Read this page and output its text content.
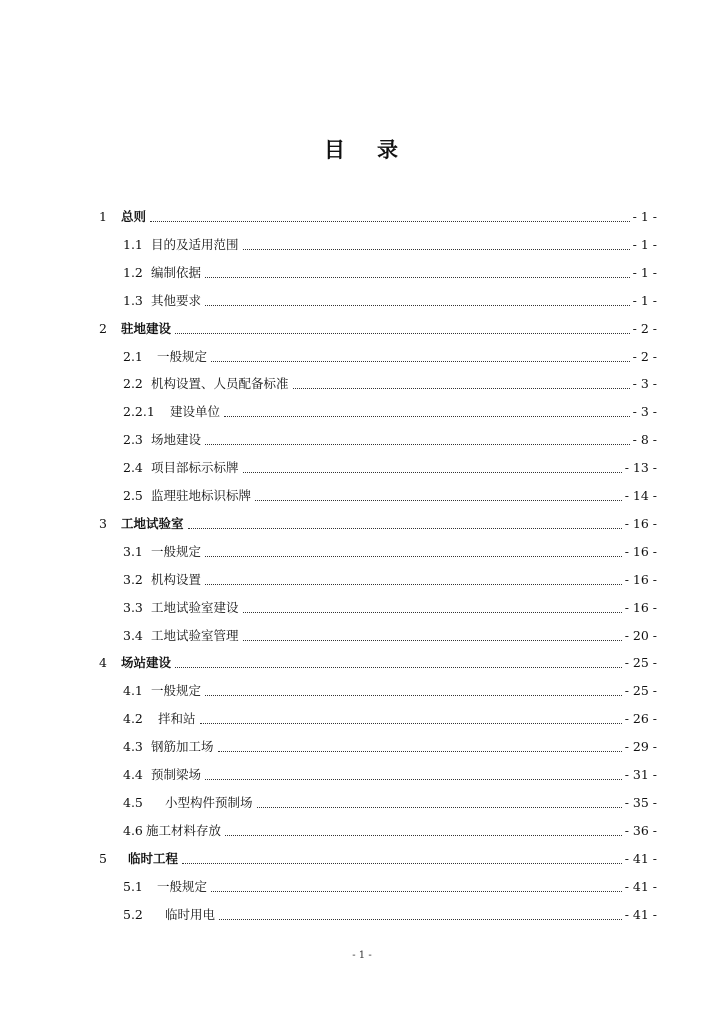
目 录
1 总则	- 1 -
1.1 目的及适用范围	- 1 -
1.2 编制依据	- 1 -
1.3 其他要求	- 1 -
2 驻地建设	- 2 -
2.1 一般规定	- 2 -
2.2 机构设置、人员配备标准	- 3 -
2.2.1 建设单位	- 3 -
2.3 场地建设	- 8 -
2.4 项目部标示标牌	- 13 -
2.5 监理驻地标识标牌	- 14 -
3 工地试验室	- 16 -
3.1 一般规定	- 16 -
3.2 机构设置	- 16 -
3.3 工地试验室建设	- 16 -
3.4 工地试验室管理	- 20 -
4 场站建设	- 25 -
4.1 一般规定	- 25 -
4.2 拌和站	- 26 -
4.3 钢筋加工场	- 29 -
4.4 预制梁场	- 31 -
4.5 小型构件预制场	- 35 -
4.6 施工材料存放	- 36 -
5 临时工程	- 41 -
5.1 一般规定	- 41 -
5.2 临时用电	- 41 -
- 1 -
